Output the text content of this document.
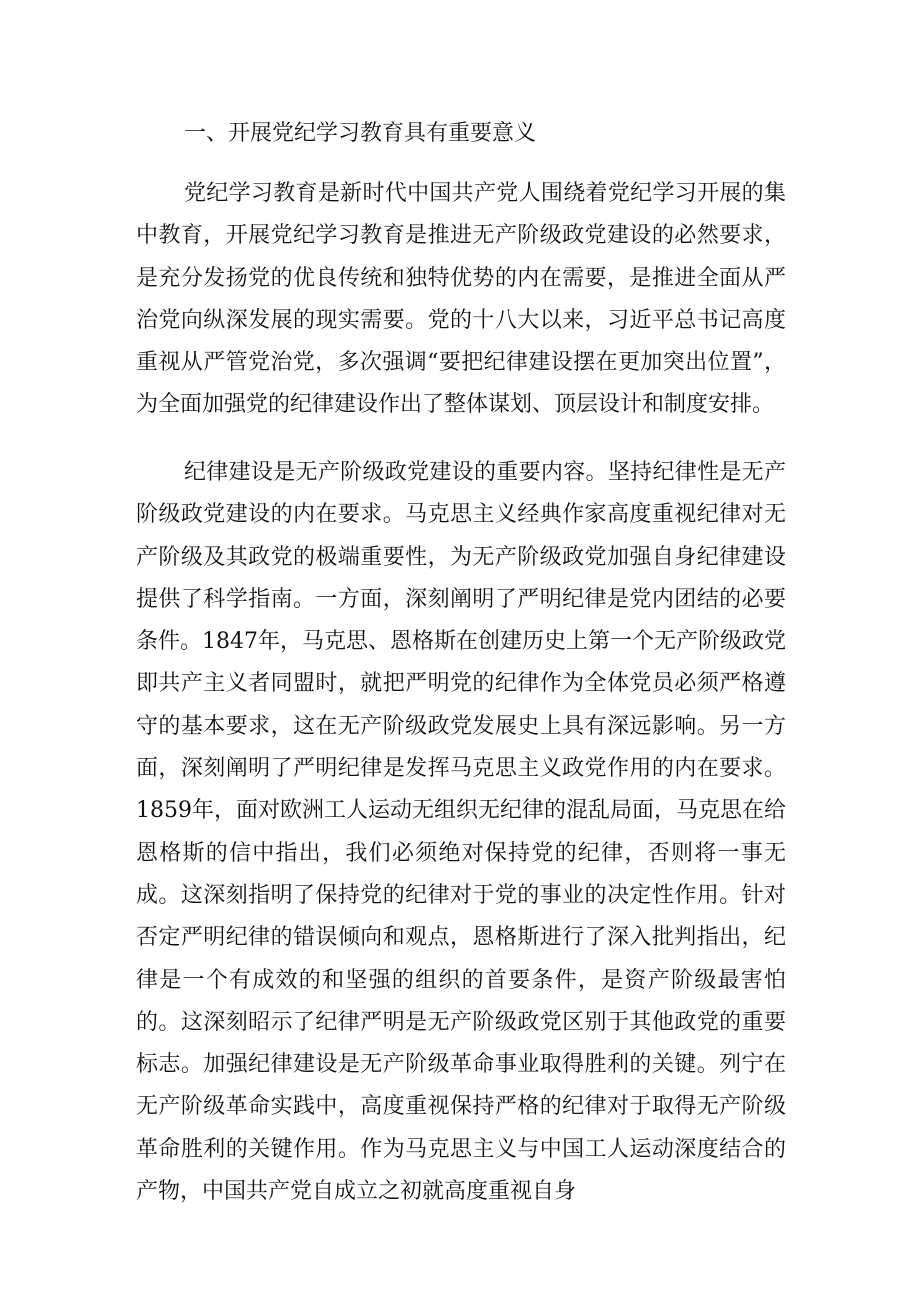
一、开展党纪学习教育具有重要意义

党纪学习教育是新时代中国共产党人围绕着党纪学习开展的集中教育，开展党纪学习教育是推进无产阶级政党建设的必然要求，是充分发扬党的优良传统和独特优势的内在需要，是推进全面从严治党向纵深发展的现实需要。党的十八大以来，习近平总书记高度重视从严管党治党，多次强调“要把纪律建设摆在更加突出位置”，为全面加强党的纪律建设作出了整体谋划、顶层设计和制度安排。

纪律建设是无产阶级政党建设的重要内容。坚持纪律性是无产阶级政党建设的内在要求。马克思主义经典作家高度重视纪律对无产阶级及其政党的极端重要性，为无产阶级政党加强自身纪律建设提供了科学指南。一方面，深刻阐明了严明纪律是党内团结的必要条件。1847年，马克思、恩格斯在创建历史上第一个无产阶级政党即共产主义者同盟时，就把严明党的纪律作为全体党员必须严格遵守的基本要求，这在无产阶级政党发展史上具有深远影响。另一方面，深刻阐明了严明纪律是发挥马克思主义政党作用的内在要求。1859年，面对欧洲工人运动无组织无纪律的混乱局面，马克思在给恩格斯的信中指出，我们必须绝对保持党的纪律，否则将一事无成。这深刻指明了保持党的纪律对于党的事业的决定性作用。针对否定严明纪律的错误倾向和观点，恩格斯进行了深入批判指出，纪律是一个有成效的和坚强的组织的首要条件，是资产阶级最害怕的。这深刻昭示了纪律严明是无产阶级政党区别于其他政党的重要标志。加强纪律建设是无产阶级革命事业取得胜利的关键。列宁在无产阶级革命实践中，高度重视保持严格的纪律对于取得无产阶级革命胜利的关键作用。作为马克思主义与中国工人运动深度结合的产物，中国共产党自成立之初就高度重视自身
